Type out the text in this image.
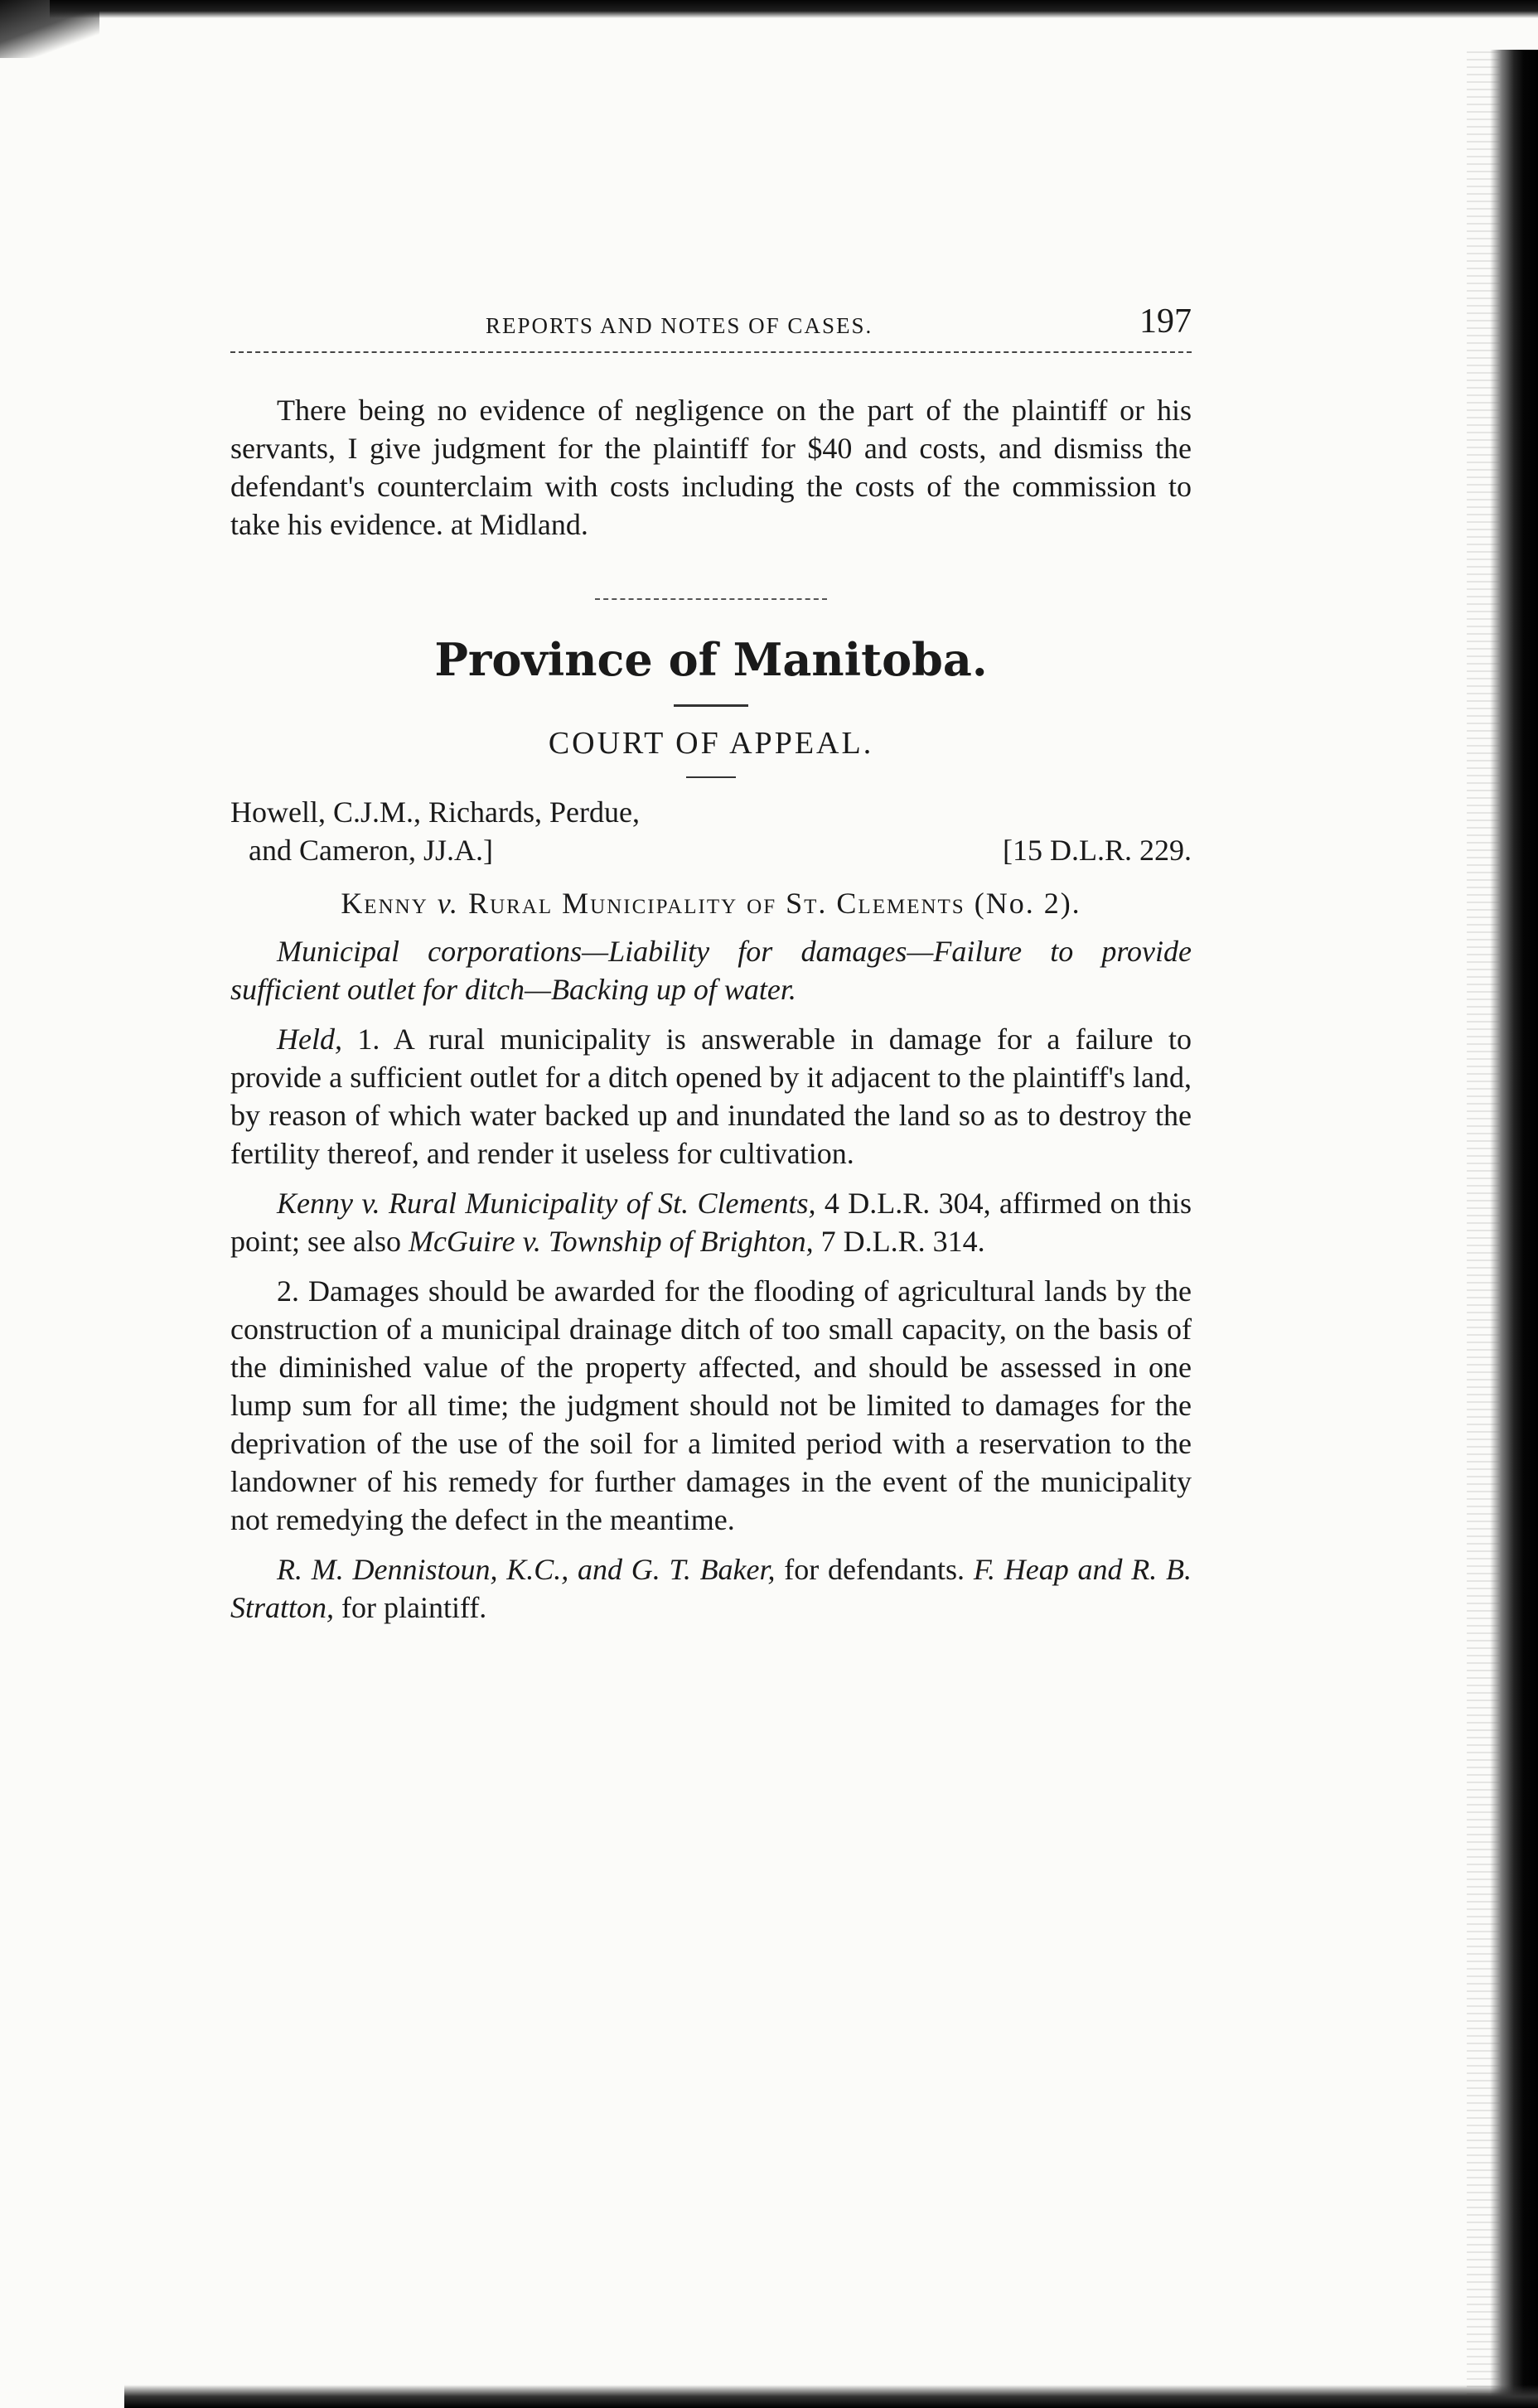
REPORTS AND NOTES OF CASES.	197

There being no evidence of negligence on the part of the plaintiff or his servants, I give judgment for the plaintiff for $40 and costs, and dismiss the defendant's counterclaim with costs including the costs of the commission to take his evidence. at Midland.

Province of Manitoba.
COURT OF APPEAL.
Howell, C.J.M., Richards, Perdue,
and Cameron, JJ.A.]	[15 D.L.R. 229.
Kenny v. Rural Municipality of St. Clements (No. 2).

Municipal corporations—Liability for damages—Failure to provide sufficient outlet for ditch—Backing up of water.

Held, 1. A rural municipality is answerable in damage for a failure to provide a sufficient outlet for a ditch opened by it adjacent to the plaintiff's land, by reason of which water backed up and inundated the land so as to destroy the fertility thereof, and render it useless for cultivation.

Kenny v. Rural Municipality of St. Clements, 4 D.L.R. 304, affirmed on this point; see also McGuire v. Township of Brighton, 7 D.L.R. 314.

2. Damages should be awarded for the flooding of agricultural lands by the construction of a municipal drainage ditch of too small capacity, on the basis of the diminished value of the property affected, and should be assessed in one lump sum for all time; the judgment should not be limited to damages for the deprivation of the use of the soil for a limited period with a reservation to the landowner of his remedy for further damages in the event of the municipality not remedying the defect in the meantime.

R. M. Dennistoun, K.C., and G. T. Baker, for defendants. F. Heap and R. B. Stratton, for plaintiff.
